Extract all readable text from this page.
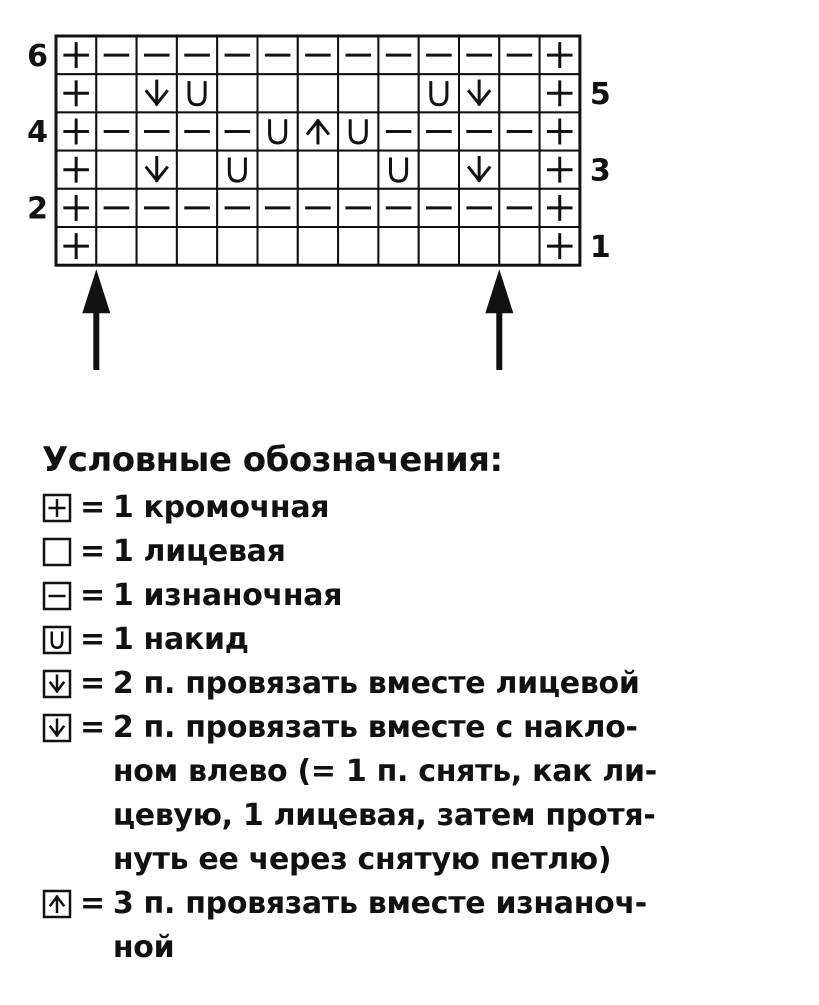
6
5
4
3
2
1
Условные обозначения:
= 1 кромочная
= 1 лицевая
= 1 изнаночная
= 1 накид
= 2 п. провязать вместе лицевой
= 2 п. провязать вместе с накло-
ном влево (= 1 п. снять, как ли-
цевую, 1 лицевая, затем протя-
нуть ее через снятую петлю)
= 3 п. провязать вместе изнаноч-
ной
